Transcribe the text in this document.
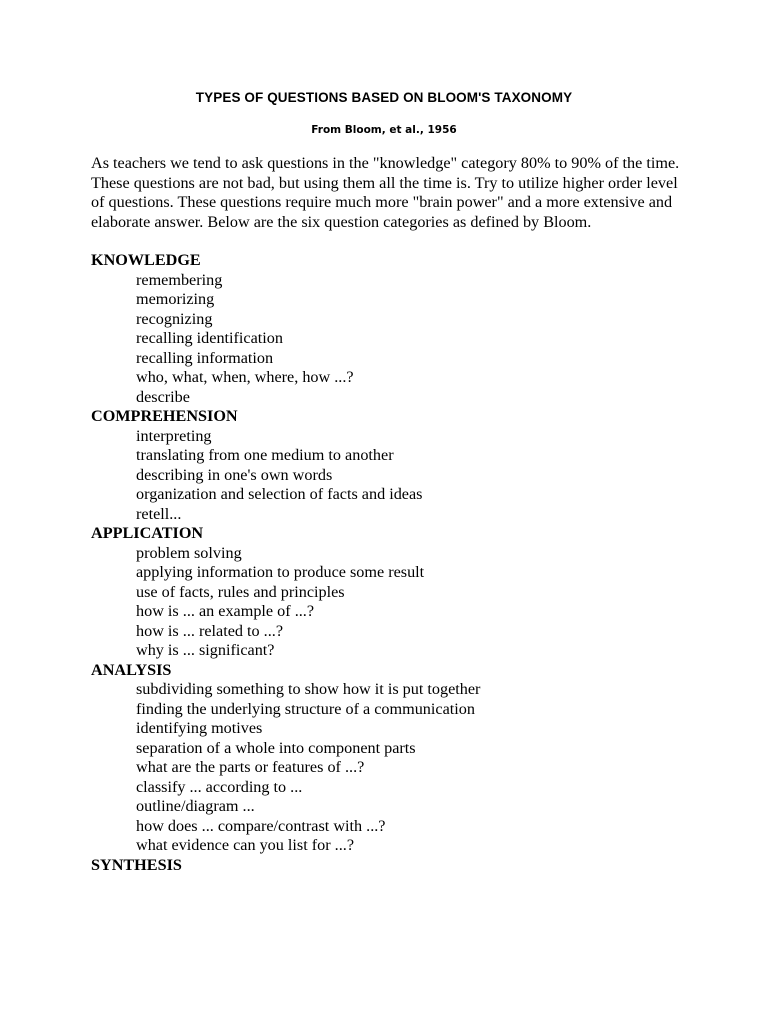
TYPES OF QUESTIONS BASED ON BLOOM'S TAXONOMY

From Bloom, et al., 1956

As teachers we tend to ask questions in the "knowledge" category 80% to 90% of the time. These questions are not bad, but using them all the time is. Try to utilize higher order level of questions. These questions require much more "brain power" and a more extensive and elaborate answer. Below are the six question categories as defined by Bloom.

KNOWLEDGE
remembering
memorizing
recognizing
recalling identification
recalling information
who, what, when, where, how ...?
describe
COMPREHENSION
interpreting
translating from one medium to another
describing in one's own words
organization and selection of facts and ideas
retell...
APPLICATION
problem solving
applying information to produce some result
use of facts, rules and principles
how is ... an example of ...?
how is ... related to ...?
why is ... significant?
ANALYSIS
subdividing something to show how it is put together
finding the underlying structure of a communication
identifying motives
separation of a whole into component parts
what are the parts or features of ...?
classify ... according to ...
outline/diagram ...
how does ... compare/contrast with ...?
what evidence can you list for ...?
SYNTHESIS
